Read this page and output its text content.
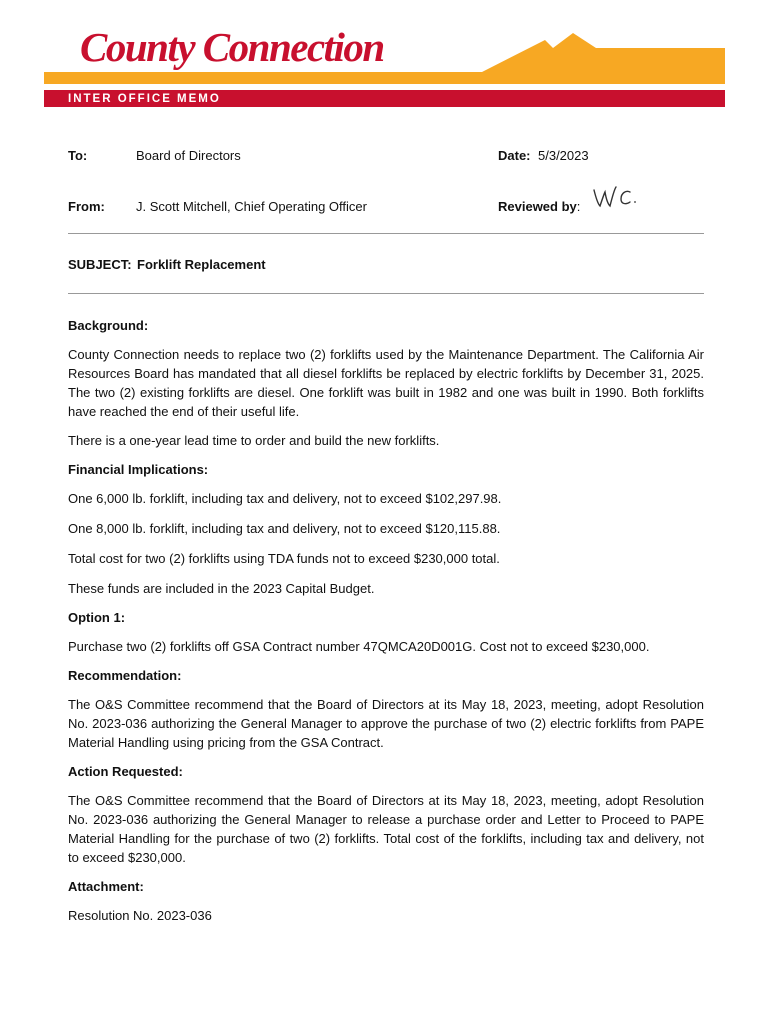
County Connection
INTER OFFICE MEMO
To:	Board of Directors	Date: 5/3/2023
From: J. Scott Mitchell, Chief Operating Officer	Reviewed by:
SUBJECT: Forklift Replacement
Background:

County Connection needs to replace two (2) forklifts used by the Maintenance Department. The California Air Resources Board has mandated that all diesel forklifts be replaced by electric forklifts by December 31, 2025. The two (2) existing forklifts are diesel. One forklift was built in 1982 and one was built in 1990. Both forklifts have reached the end of their useful life.

There is a one-year lead time to order and build the new forklifts.

Financial Implications:

One 6,000 lb. forklift, including tax and delivery, not to exceed $102,297.98.

One 8,000 lb. forklift, including tax and delivery, not to exceed $120,115.88.

Total cost for two (2) forklifts using TDA funds not to exceed $230,000 total.

These funds are included in the 2023 Capital Budget.

Option 1:

Purchase two (2) forklifts off GSA Contract number 47QMCA20D001G. Cost not to exceed $230,000.

Recommendation:

The O&S Committee recommend that the Board of Directors at its May 18, 2023, meeting, adopt Resolution No. 2023-036 authorizing the General Manager to approve the purchase of two (2) electric forklifts from PAPE Material Handling using pricing from the GSA Contract.

Action Requested:

The O&S Committee recommend that the Board of Directors at its May 18, 2023, meeting, adopt Resolution No. 2023-036 authorizing the General Manager to release a purchase order and Letter to Proceed to PAPE Material Handling for the purchase of two (2) forklifts. Total cost of the forklifts, including tax and delivery, not to exceed $230,000.

Attachment:

Resolution No. 2023-036
